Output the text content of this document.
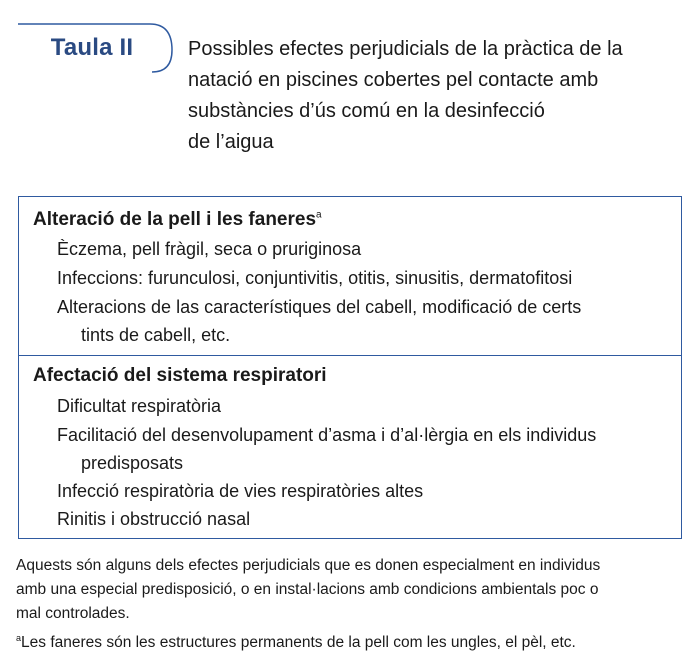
Taula II	Possibles efectes perjudicials de la pràctica de la
natació en piscines cobertes pel contacte amb
substàncies d’ús comú en la desinfecció
de l’aigua
Alteració de la pell i les faneres$^a$
Èczema, pell fràgil, seca o pruriginosa
Infeccions: furunculosi, conjuntivitis, otitis, sinusitis, dermatofitosi
Alteracions de las característiques del cabell, modificació de certs
tints de cabell, etc.
Afectació del sistema respiratori
Dificultat respiratòria
Facilitació del desenvolupament d’asma i d’al·lèrgia en els individus
predisposats
Infecció respiratòria de vies respiratòries altes
Rinitis i obstrucció nasal
Aquests són alguns dels efectes perjudicials que es donen especialment en individus
amb una especial predisposició, o en instal·lacions amb condicions ambientals poc o
mal controlades.
$^a$Les faneres són les estructures permanents de la pell com les ungles, el pèl, etc.
